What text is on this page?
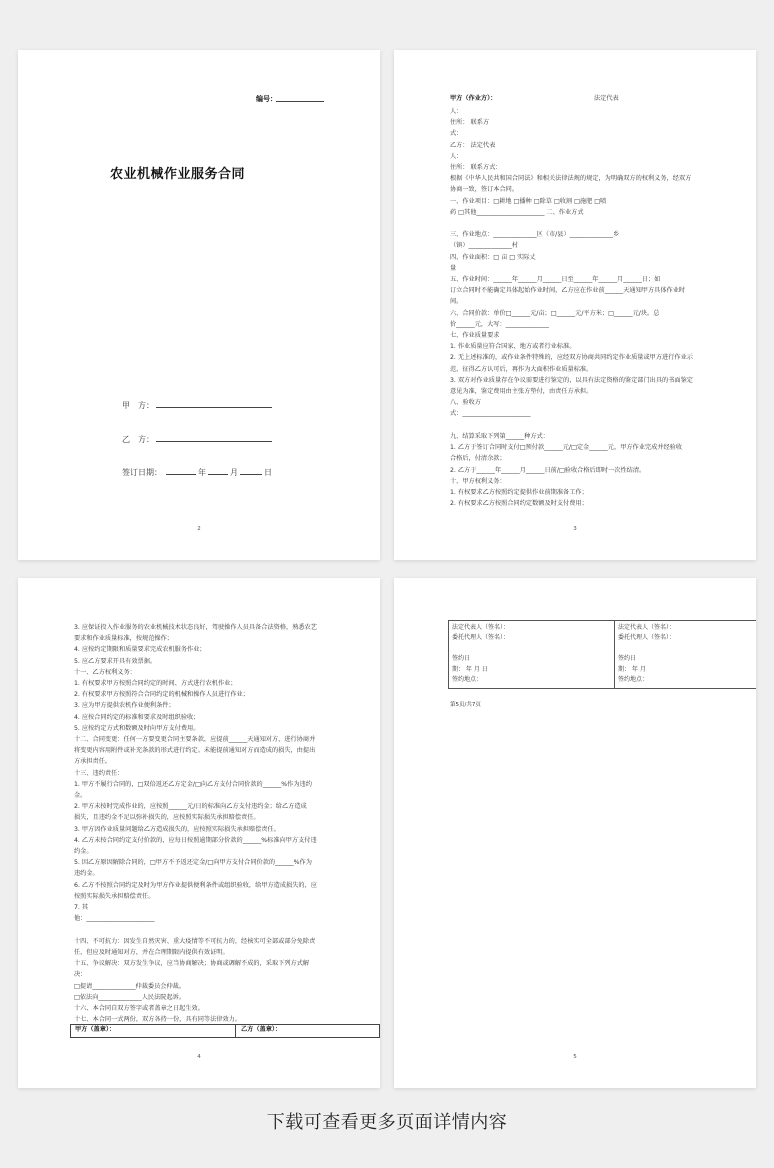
编号：
农业机械作业服务合同
甲　方：
乙　方：
签订日期：	年	月	日
2
甲方（作业方）：	法定代表
人：
住所： 联系方
式：
乙方： 法定代表
人：
住所： 联系方式：
根据《中华人民共和国合同法》和相关法律法规的规定，为明确双方的权利义务，经双方
协商一致，签订本合同。
一、作业项目：□耕地 □播种 □除草 □收割 □施肥 □喷
药 □其他______________________ 二、作业方式

三、作业地点：______________区（市/县）______________乡
（镇）______________村
四、作业面积：□ 亩 □ 实际丈
量
五、作业时间：______年______月______日至______年______月______日；如
订立合同时不能确定具体起始作业时间，乙方应在作业前______天通知甲方具体作业时
间。
六、合同价款：单价□______元/亩；□______元/平方米；□______元/块。总
价______元，大写：______________
七、作业质量要求
1. 作业质量应符合国家、地方或者行业标准。
2. 无上述标准的，或作业条件特殊的，应经双方协商共同约定作业质量或甲方进行作业示
范，征得乙方认可后，再作为大面积作业质量标准。
3. 双方对作业质量存在争议需要进行鉴定的，以具有法定资格的鉴定部门出具的书面鉴定
意见为准，鉴定费用由主张方垫付，由责任方承担。
八、验收方
式：______________________

九、结算采取下列第______种方式：
1. 乙方于签订合同时支付□预付款______元/□定金______元，甲方作业完成并经验收
合格后，付清余款；
2. 乙方于______年______月______日前/□验收合格后即时一次性结清。
十、甲方权利义务：
1. 有权要求乙方按照约定提供作业前期准备工作；
2. 有权要求乙方按照合同约定数额及时支付费用；
3
3. 应保证投入作业服务的农业机械技术状态良好，驾驶操作人员具备合法资格，熟悉农艺
要求和作业质量标准，按规范操作；
4. 应按约定期限和质量要求完成农机服务作业；
5. 应乙方要求开具有效票据。
十一、乙方权利义务：
1. 有权要求甲方按照合同约定的时间、方式进行农机作业；
2. 有权要求甲方按照符合合同约定的机械和操作人员进行作业；
3. 应为甲方提供农机作业便利条件；
4. 应按合同约定的标准和要求及时组织验收；
5. 应按约定方式和数额及时向甲方支付费用。
十二、合同变更：任何一方要变更合同主要条款，应提前______天通知对方，进行协商并
将变更内容用附件或补充条款的形式进行约定。未能提前通知对方而造成的损失，由提出
方承担责任。
十三、违约责任：
1. 甲方不履行合同的，□双倍返还乙方定金/□向乙方支付合同价款的______%作为违约
金。
2. 甲方未按时完成作业的，应按照______元/日的标准向乙方支付违约金；给乙方造成
损失，且违约金不足以弥补损失的，应按照实际损失承担赔偿责任。
3. 甲方因作业质量问题给乙方造成损失的，应按照实际损失承担赔偿责任。
4. 乙方未按合同约定支付价款的，应每日按照逾期部分价款的______%标准向甲方支付违
约金。
5. 因乙方原因解除合同的，□甲方不予返还定金/□向甲方支付合同价款的______%作为
违约金。
6. 乙方不按照合同约定及时为甲方作业提供便利条件或组织验收，给甲方造成损失的，应
按照实际损失承担赔偿责任。
7. 其
他：______________________

十四、不可抗力：因发生自然灾害、重大疫情等不可抗力的，经核实可全部或部分免除责
任，但应及时通知对方，并在合理期限内提供有效证明。
十五、争议解决：双方发生争议，应当协商解决；协商或调解不成的，采取下列方式解
决：
□提请______________仲裁委员会仲裁。
□依法向______________人民法院起诉。
十六、本合同自双方签字或者盖章之日起生效。
十七、本合同一式两份，双方各持一份，具有同等法律效力。
甲方（盖章）：	乙方（盖章）：
4
法定代表人（签名）：
委托代理人（签名）：

签约日
期： 年 月 日
签约地点：

法定代表人（签名）：
委托代理人（签名）：

签约日
期： 年 月
签约地点：
第5页/共7页
5
下载可查看更多页面详情内容
